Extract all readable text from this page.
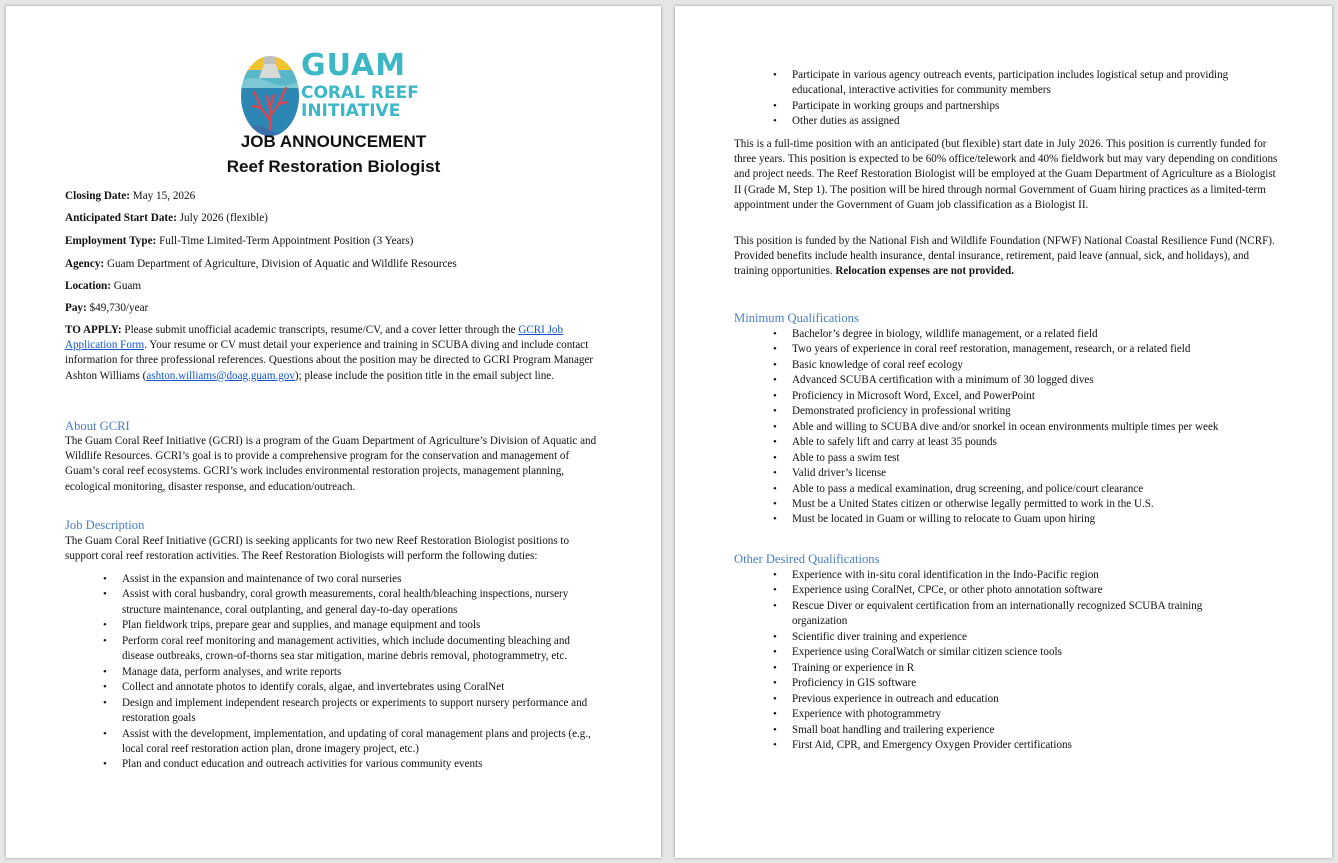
GUAM
CORAL REEF
INITIATIVE
JOB ANNOUNCEMENT
Reef Restoration Biologist
Closing Date: May 15, 2026
Anticipated Start Date: July 2026 (flexible)
Employment Type: Full-Time Limited-Term Appointment Position (3 Years)
Agency: Guam Department of Agriculture, Division of Aquatic and Wildlife Resources
Location: Guam
Pay: $49,730/year
TO APPLY: Please submit unofficial academic transcripts, resume/CV, and a cover letter through the GCRI Job Application Form. Your resume or CV must detail your experience and training in SCUBA diving and include contact information for three professional references. Questions about the position may be directed to GCRI Program Manager Ashton Williams (ashton.williams@doag.guam.gov); please include the position title in the email subject line.
About GCRI
The Guam Coral Reef Initiative (GCRI) is a program of the Guam Department of Agriculture’s Division of Aquatic and Wildlife Resources. GCRI’s goal is to provide a comprehensive program for the conservation and management of Guam’s coral reef ecosystems. GCRI’s work includes environmental restoration projects, management planning, ecological monitoring, disaster response, and education/outreach.
Job Description
The Guam Coral Reef Initiative (GCRI) is seeking applicants for two new Reef Restoration Biologist positions to support coral reef restoration activities. The Reef Restoration Biologists will perform the following duties:
• Assist in the expansion and maintenance of two coral nurseries
• Assist with coral husbandry, coral growth measurements, coral health/bleaching inspections, nursery structure maintenance, coral outplanting, and general day-to-day operations
• Plan fieldwork trips, prepare gear and supplies, and manage equipment and tools
• Perform coral reef monitoring and management activities, which include documenting bleaching and disease outbreaks, crown-of-thorns sea star mitigation, marine debris removal, photogrammetry, etc.
• Manage data, perform analyses, and write reports
• Collect and annotate photos to identify corals, algae, and invertebrates using CoralNet
• Design and implement independent research projects or experiments to support nursery performance and restoration goals
• Assist with the development, implementation, and updating of coral management plans and projects (e.g., local coral reef restoration action plan, drone imagery project, etc.)
• Plan and conduct education and outreach activities for various community events
• Participate in various agency outreach events, participation includes logistical setup and providing educational, interactive activities for community members
• Participate in working groups and partnerships
• Other duties as assigned
This is a full-time position with an anticipated (but flexible) start date in July 2026. This position is currently funded for three years. This position is expected to be 60% office/telework and 40% fieldwork but may vary depending on conditions and project needs. The Reef Restoration Biologist will be employed at the Guam Department of Agriculture as a Biologist II (Grade M, Step 1). The position will be hired through normal Government of Guam hiring practices as a limited-term appointment under the Government of Guam job classification as a Biologist II.
This position is funded by the National Fish and Wildlife Foundation (NFWF) National Coastal Resilience Fund (NCRF). Provided benefits include health insurance, dental insurance, retirement, paid leave (annual, sick, and holidays), and training opportunities. Relocation expenses are not provided.
Minimum Qualifications
• Bachelor’s degree in biology, wildlife management, or a related field
• Two years of experience in coral reef restoration, management, research, or a related field
• Basic knowledge of coral reef ecology
• Advanced SCUBA certification with a minimum of 30 logged dives
• Proficiency in Microsoft Word, Excel, and PowerPoint
• Demonstrated proficiency in professional writing
• Able and willing to SCUBA dive and/or snorkel in ocean environments multiple times per week
• Able to safely lift and carry at least 35 pounds
• Able to pass a swim test
• Valid driver’s license
• Able to pass a medical examination, drug screening, and police/court clearance
• Must be a United States citizen or otherwise legally permitted to work in the U.S.
• Must be located in Guam or willing to relocate to Guam upon hiring
Other Desired Qualifications
• Experience with in-situ coral identification in the Indo-Pacific region
• Experience using CoralNet, CPCe, or other photo annotation software
• Rescue Diver or equivalent certification from an internationally recognized SCUBA training organization
• Scientific diver training and experience
• Experience using CoralWatch or similar citizen science tools
• Training or experience in R
• Proficiency in GIS software
• Previous experience in outreach and education
• Experience with photogrammetry
• Small boat handling and trailering experience
• First Aid, CPR, and Emergency Oxygen Provider certifications
